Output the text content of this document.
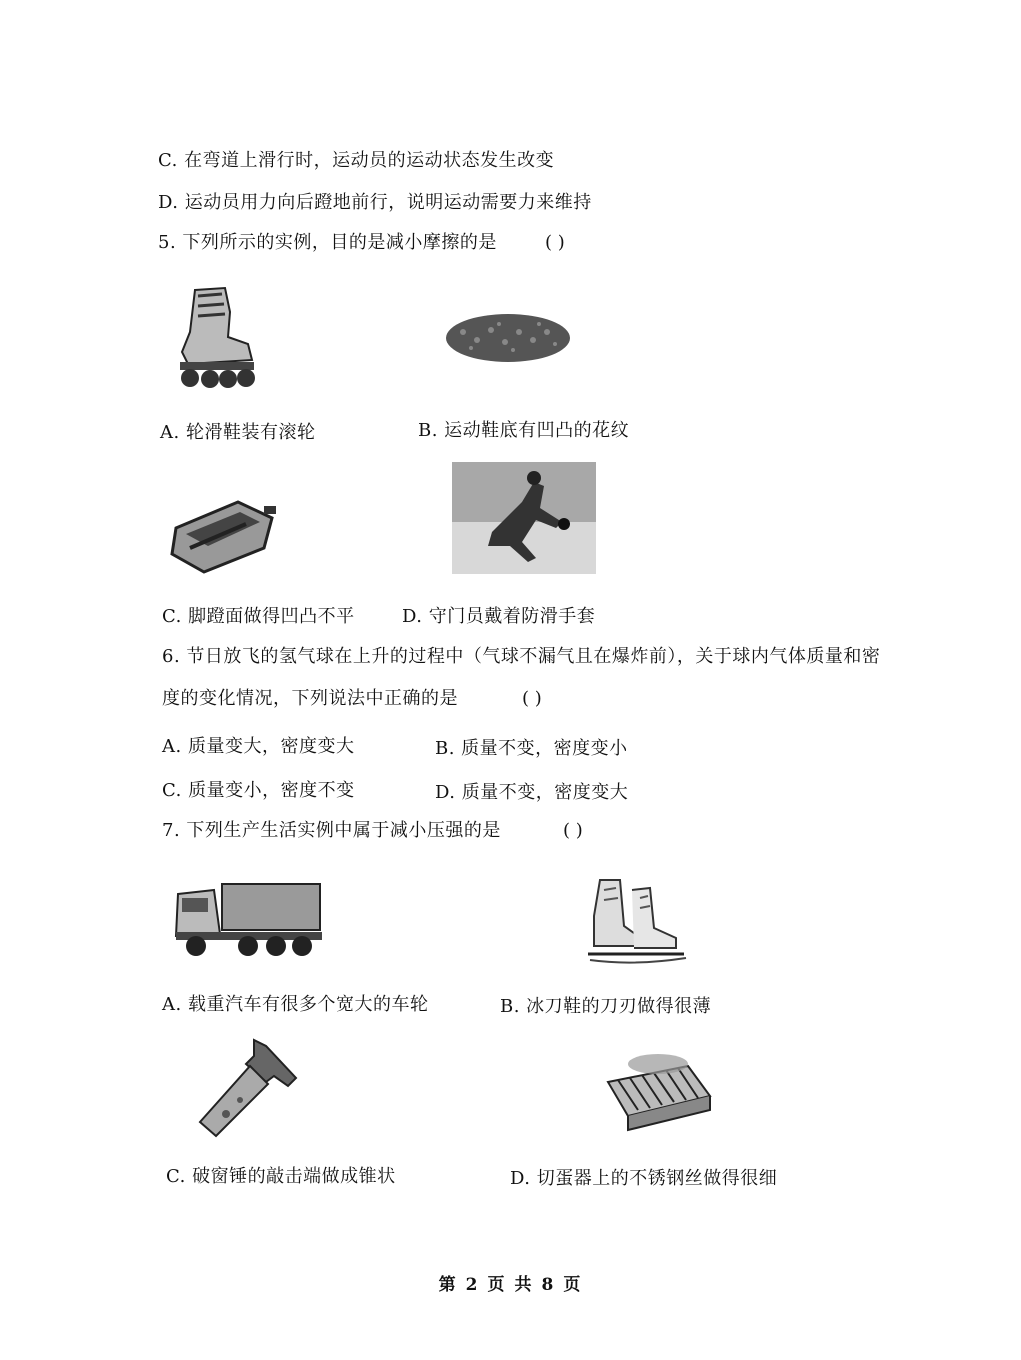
C. 在弯道上滑行时，运动员的运动状态发生改变
D. 运动员用力向后蹬地前行，说明运动需要力来维持
5. 下列所示的实例，目的是减小摩擦的是	( )
A. 轮滑鞋装有滚轮	B. 运动鞋底有凹凸的花纹
C. 脚蹬面做得凹凸不平	D. 守门员戴着防滑手套
6. 节日放飞的氢气球在上升的过程中（气球不漏气且在爆炸前），关于球内气体质量和密
度的变化情况，下列说法中正确的是	( )
A. 质量变大，密度变大	B. 质量不变，密度变小
C. 质量变小，密度不变	D. 质量不变，密度变大
7. 下列生产生活实例中属于减小压强的是	( )
A. 载重汽车有很多个宽大的车轮	B. 冰刀鞋的刀刃做得很薄
C. 破窗锤的敲击端做成锥状	D. 切蛋器上的不锈钢丝做得很细
第 2 页 共 8 页
